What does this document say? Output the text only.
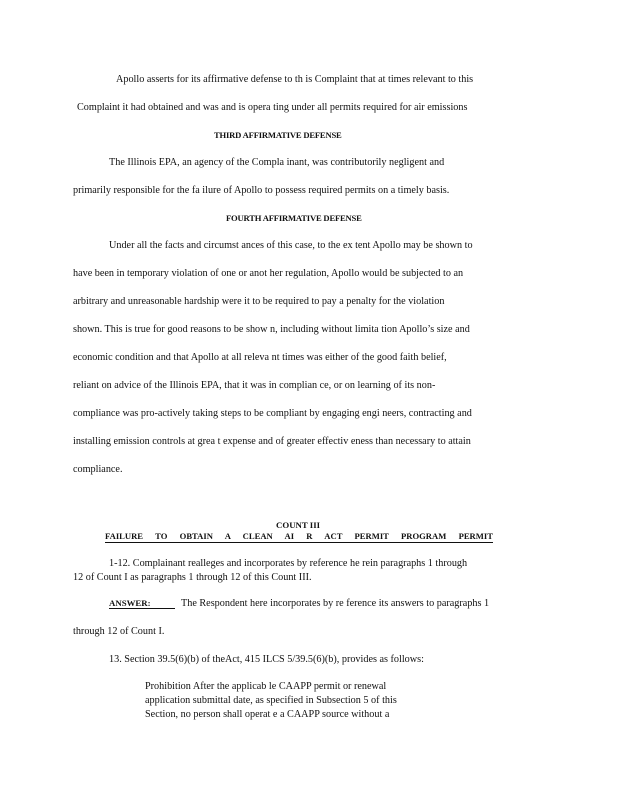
Apollo asserts for its affirmative defense to th is Complaint that at times relevant to this
Complaint it had obtained and was and is opera ting under all permits required for air emissions
THIRD AFFIRMATIVE DEFENSE
The Illinois EPA, an agency of the Compla inant, was contributorily negligent and
primarily responsible for the fa ilure of Apollo to possess required permits on a timely basis.
FOURTH AFFIRMATIVE DEFENSE
Under all the facts and circumst ances of this case, to the ex tent Apollo may be shown to
have been in temporary violation of one or anot her regulation, Apollo would be subjected to an
arbitrary and unreasonable hardship were it to be required to pay a penalty for the violation
shown. This is true for good reasons to be show n, including without limita tion Apollo’s size and
economic condition and that Apollo at all releva nt times was either of the good faith belief,
reliant on advice of the Illinois EPA, that it was in complian ce, or on learning of its non-
compliance was pro-actively taking steps to be compliant by engaging engi neers, contracting and
installing emission controls at grea t expense and of greater effectiv eness than necessary to attain
compliance.
COUNT III
FAILURE TO OBTAIN A CLEAN AI R ACT PERMIT PROGRAM PERMIT
1-12. Complainant realleges and incorporates by reference he rein paragraphs 1 through
12 of Count I as paragraphs 1 through 12 of this Count III.
ANSWER:	The Respondent here incorporates by re ference its answers to paragraphs 1
through 12 of Count I.
13. Section 39.5(6)(b) of theAct, 415 ILCS 5/39.5(6)(b), provides as follows:
Prohibition After the applicab le CAAPP permit or renewal
application submittal date, as specified in Subsection 5 of this
Section, no person shall operat e a CAAPP source without a
